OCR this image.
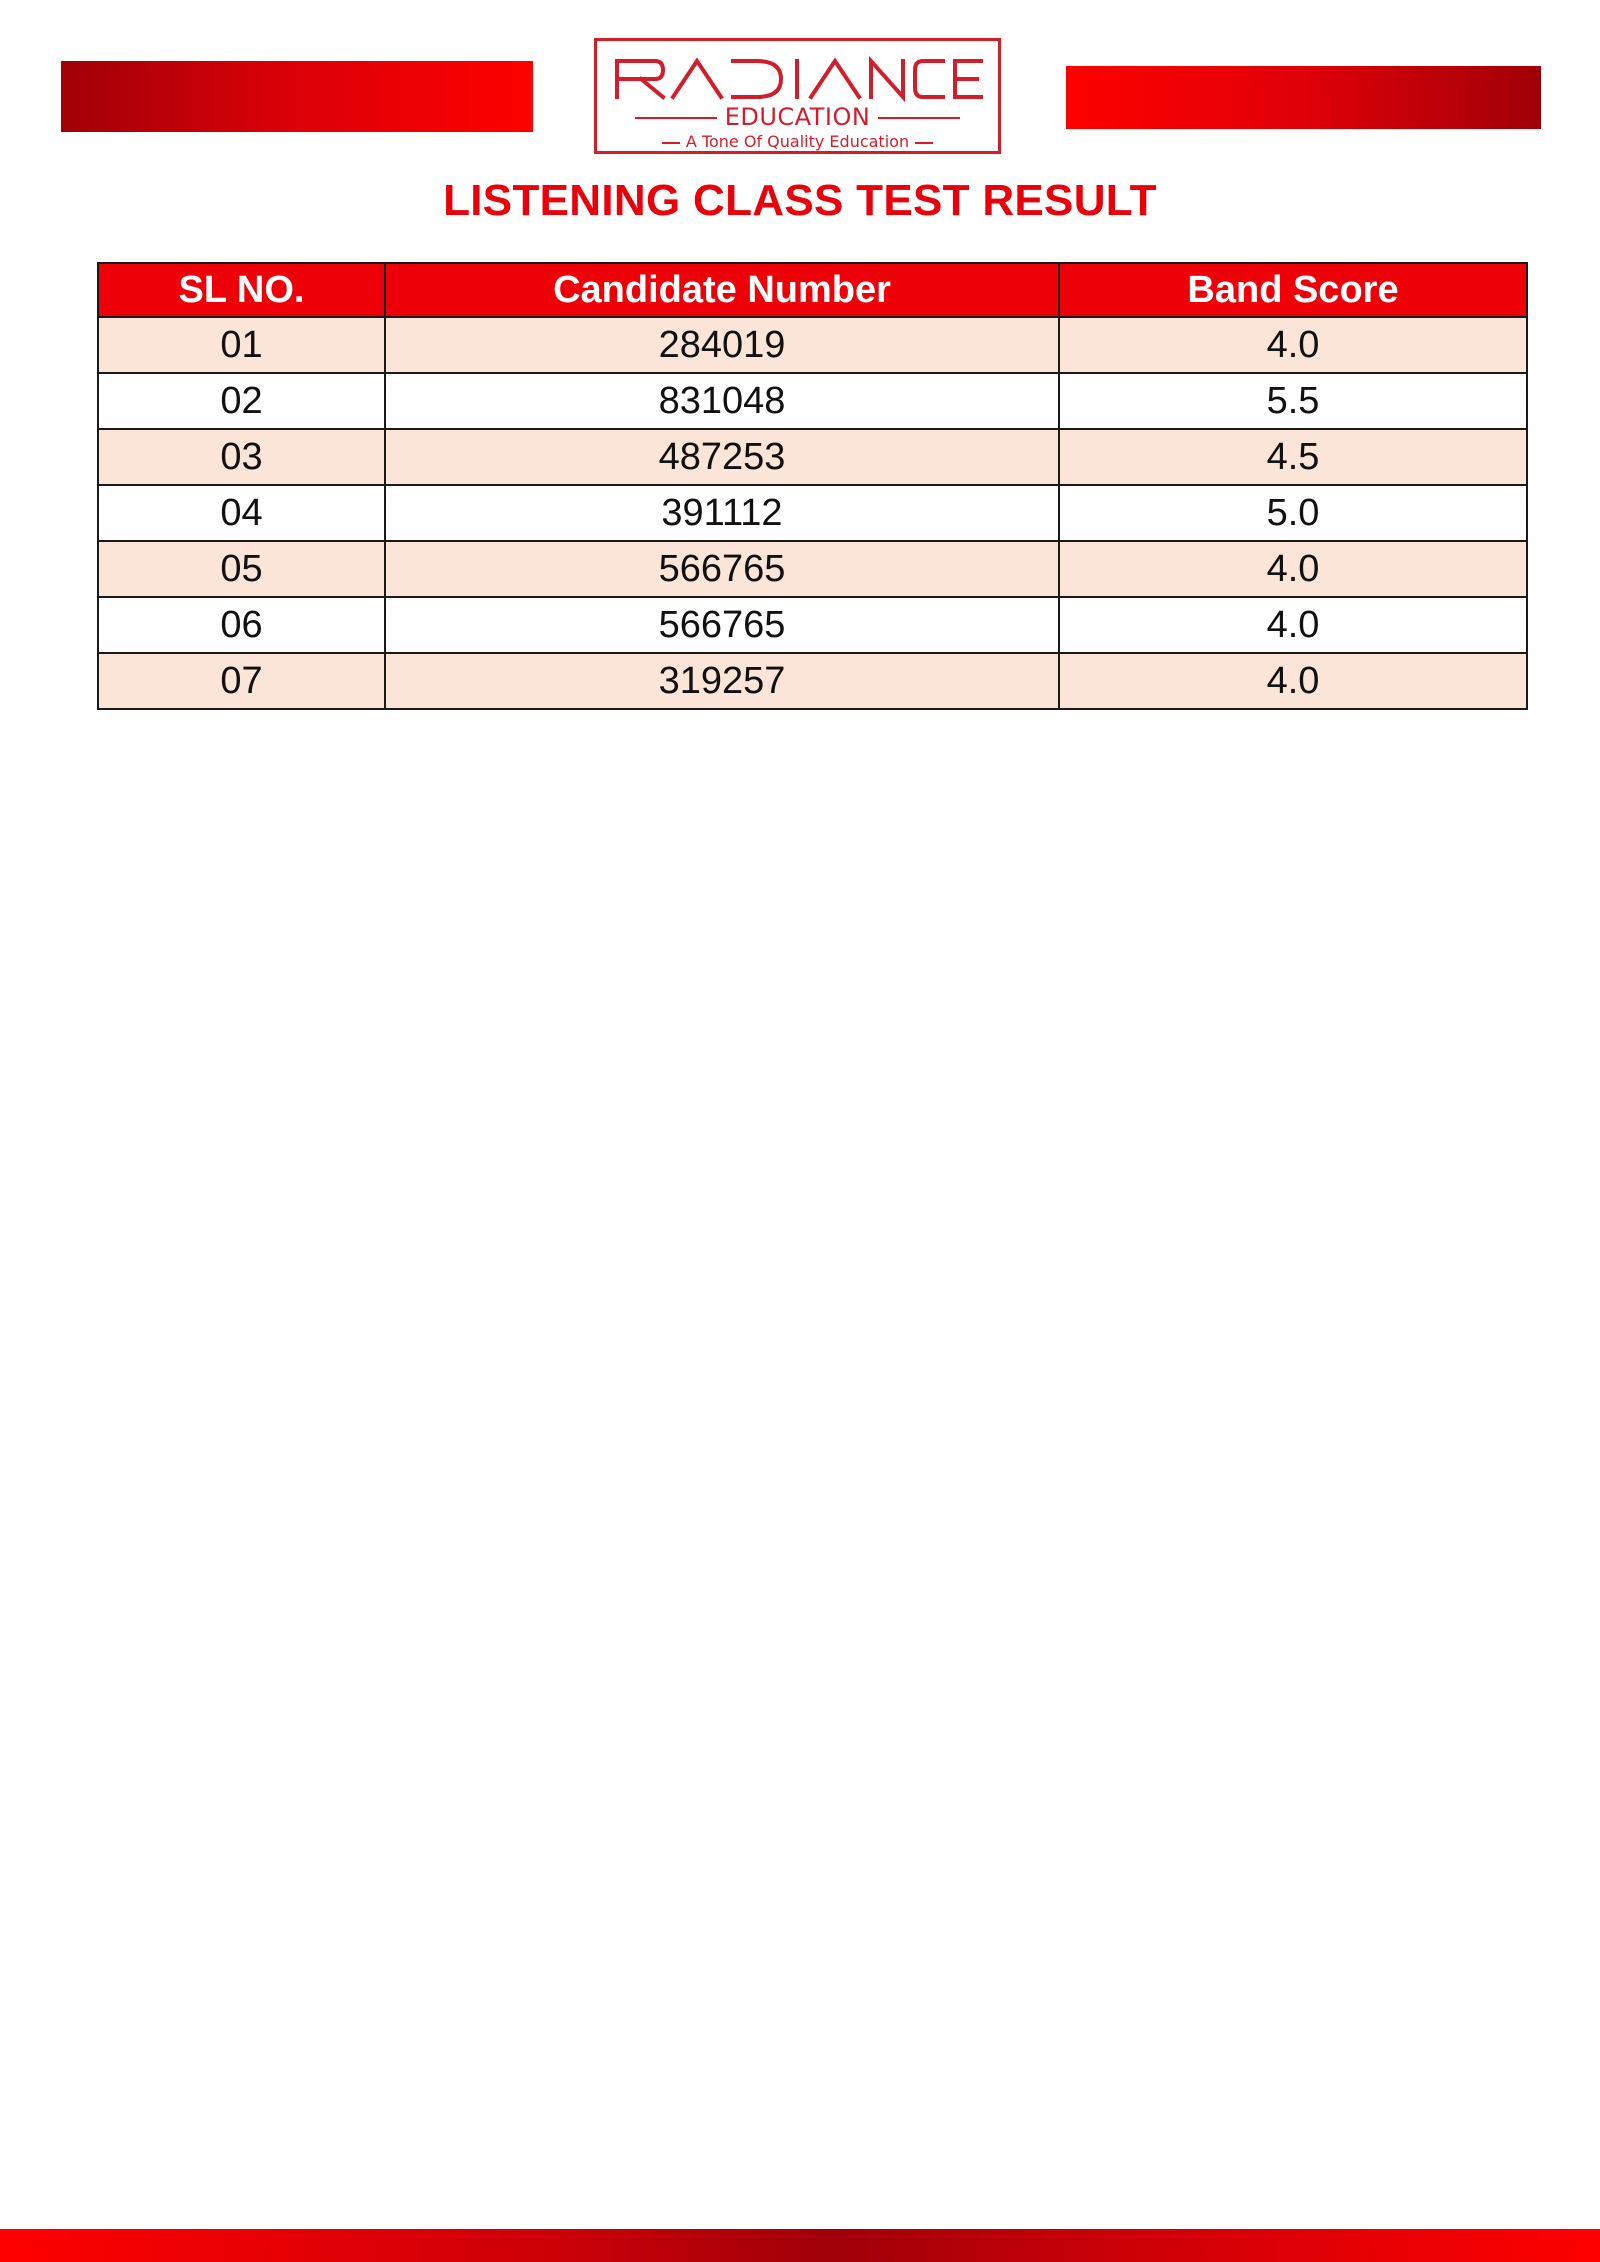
EDUCATION
A Tone Of Quality Education
LISTENING CLASS TEST RESULT
SL NO.	Candidate Number	Band Score
01	284019	4.0
02	831048	5.5
03	487253	4.5
04	391112	5.0
05	566765	4.0
06	566765	4.0
07	319257	4.0
